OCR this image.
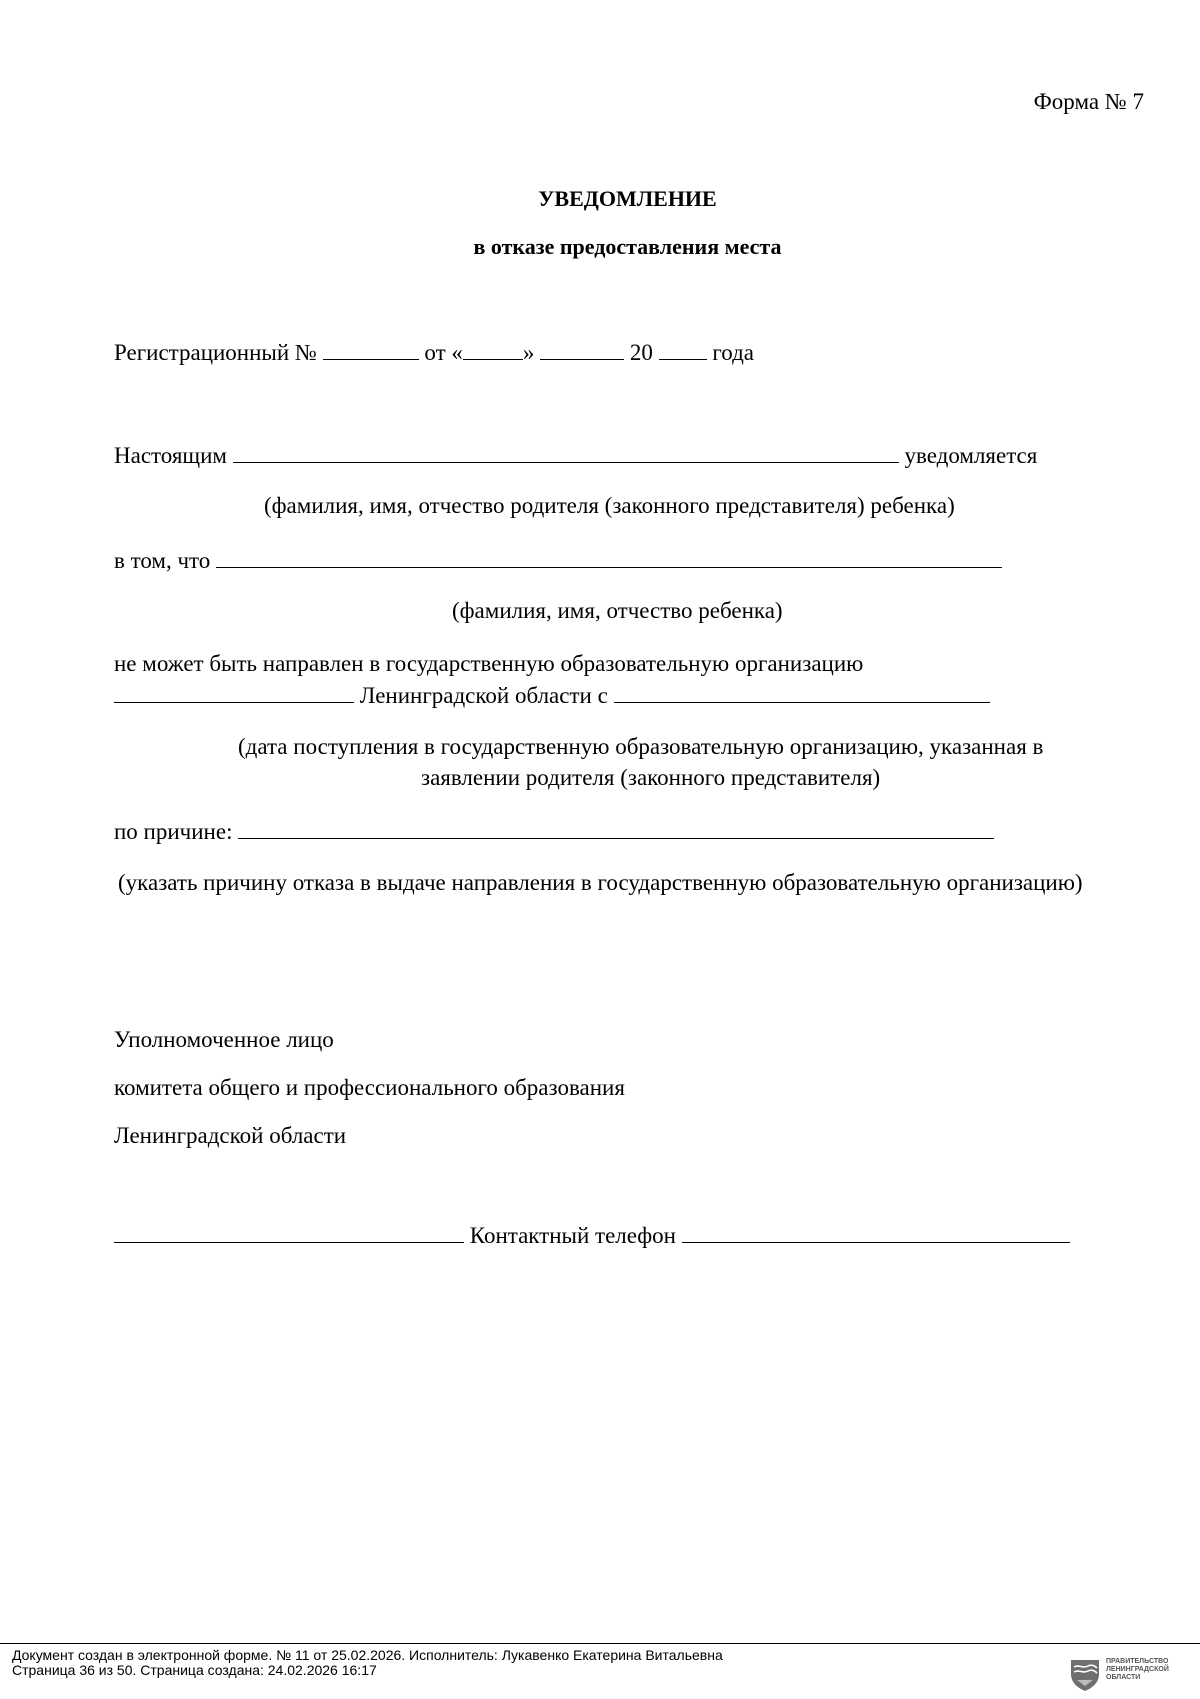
Форма № 7
УВЕДОМЛЕНИЕ
в отказе предоставления места
Регистрационный №	от «	»	20	года
Настоящим	уведомляется
(фамилия, имя, отчество родителя (законного представителя) ребенка)
в том, что
(фамилия, имя, отчество ребенка)
не может быть направлен в государственную образовательную организацию
Ленинградской области с
(дата поступления в государственную образовательную организацию, указанная в
заявлении родителя (законного представителя)
по причине:
(указать причину отказа в выдаче направления в государственную образовательную организацию)
Уполномоченное лицо
комитета общего и профессионального образования
Ленинградской области
Контактный телефон
Документ создан в электронной форме. № 11 от 25.02.2026. Исполнитель: Лукавенко Екатерина Витальевна
Страница 36 из 50. Страница создана: 24.02.2026 16:17
ПРАВИТЕЛЬСТВО
ЛЕНИНГРАДСКОЙ
ОБЛАСТИ
